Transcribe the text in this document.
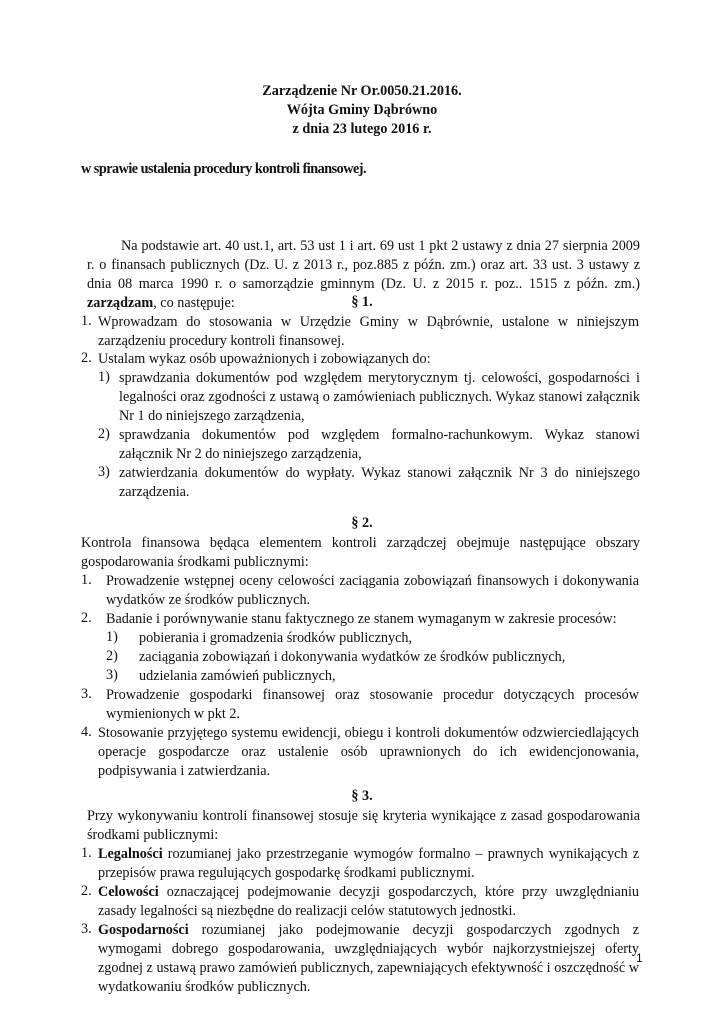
Zarządzenie Nr Or.0050.21.2016.
Wójta Gminy Dąbrówno
z dnia 23 lutego 2016 r.
w sprawie ustalenia procedury kontroli finansowej.
Na podstawie art. 40 ust.1, art. 53 ust 1 i art. 69 ust 1 pkt 2 ustawy z dnia 27 sierpnia 2009 r. o finansach publicznych (Dz. U. z 2013 r., poz.885 z późn. zm.) oraz art. 33 ust. 3 ustawy z dnia 08 marca 1990 r. o samorządzie gminnym (Dz. U. z 2015 r. poz.. 1515 z późn. zm.) zarządzam, co następuje:	§ 1.
1. Wprowadzam do stosowania w Urzędzie Gminy w Dąbrównie, ustalone w niniejszym zarządzeniu procedury kontroli finansowej.
2. Ustalam wykaz osób upoważnionych i zobowiązanych do:
1) sprawdzania dokumentów pod względem merytorycznym tj. celowości, gospodarności i legalności oraz zgodności z ustawą o zamówieniach publicznych. Wykaz stanowi załącznik Nr 1 do niniejszego zarządzenia,
2) sprawdzania dokumentów pod względem formalno-rachunkowym. Wykaz stanowi załącznik Nr 2 do niniejszego zarządzenia,
3) zatwierdzania dokumentów do wypłaty. Wykaz stanowi załącznik Nr 3 do niniejszego zarządzenia.
§ 2.
Kontrola finansowa będąca elementem kontroli zarządczej obejmuje następujące obszary gospodarowania środkami publicznymi:
1. Prowadzenie wstępnej oceny celowości zaciągania zobowiązań finansowych i dokonywania wydatków ze środków publicznych.
2. Badanie i porównywanie stanu faktycznego ze stanem wymaganym w zakresie procesów:
1) pobierania i gromadzenia środków publicznych,
2) zaciągania zobowiązań i dokonywania wydatków ze środków publicznych,
3) udzielania zamówień publicznych,
3. Prowadzenie gospodarki finansowej oraz stosowanie procedur dotyczących procesów wymienionych w pkt 2.
4. Stosowanie przyjętego systemu ewidencji, obiegu i kontroli dokumentów odzwierciedlających operacje gospodarcze oraz ustalenie osób uprawnionych do ich ewidencjonowania, podpisywania i zatwierdzania.
§ 3.
Przy wykonywaniu kontroli finansowej stosuje się kryteria wynikające z zasad gospodarowania środkami publicznymi:
1. Legalności rozumianej jako przestrzeganie wymogów formalno – prawnych wynikających z przepisów prawa regulujących gospodarkę środkami publicznymi.
2. Celowości oznaczającej podejmowanie decyzji gospodarczych, które przy uwzględnianiu zasady legalności są niezbędne do realizacji celów statutowych jednostki.
3. Gospodarności rozumianej jako podejmowanie decyzji gospodarczych zgodnych z wymogami dobrego gospodarowania, uwzględniających wybór najkorzystniejszej oferty zgodnej z ustawą prawo zamówień publicznych, zapewniających efektywność i oszczędność w wydatkowaniu środków publicznych.
1
